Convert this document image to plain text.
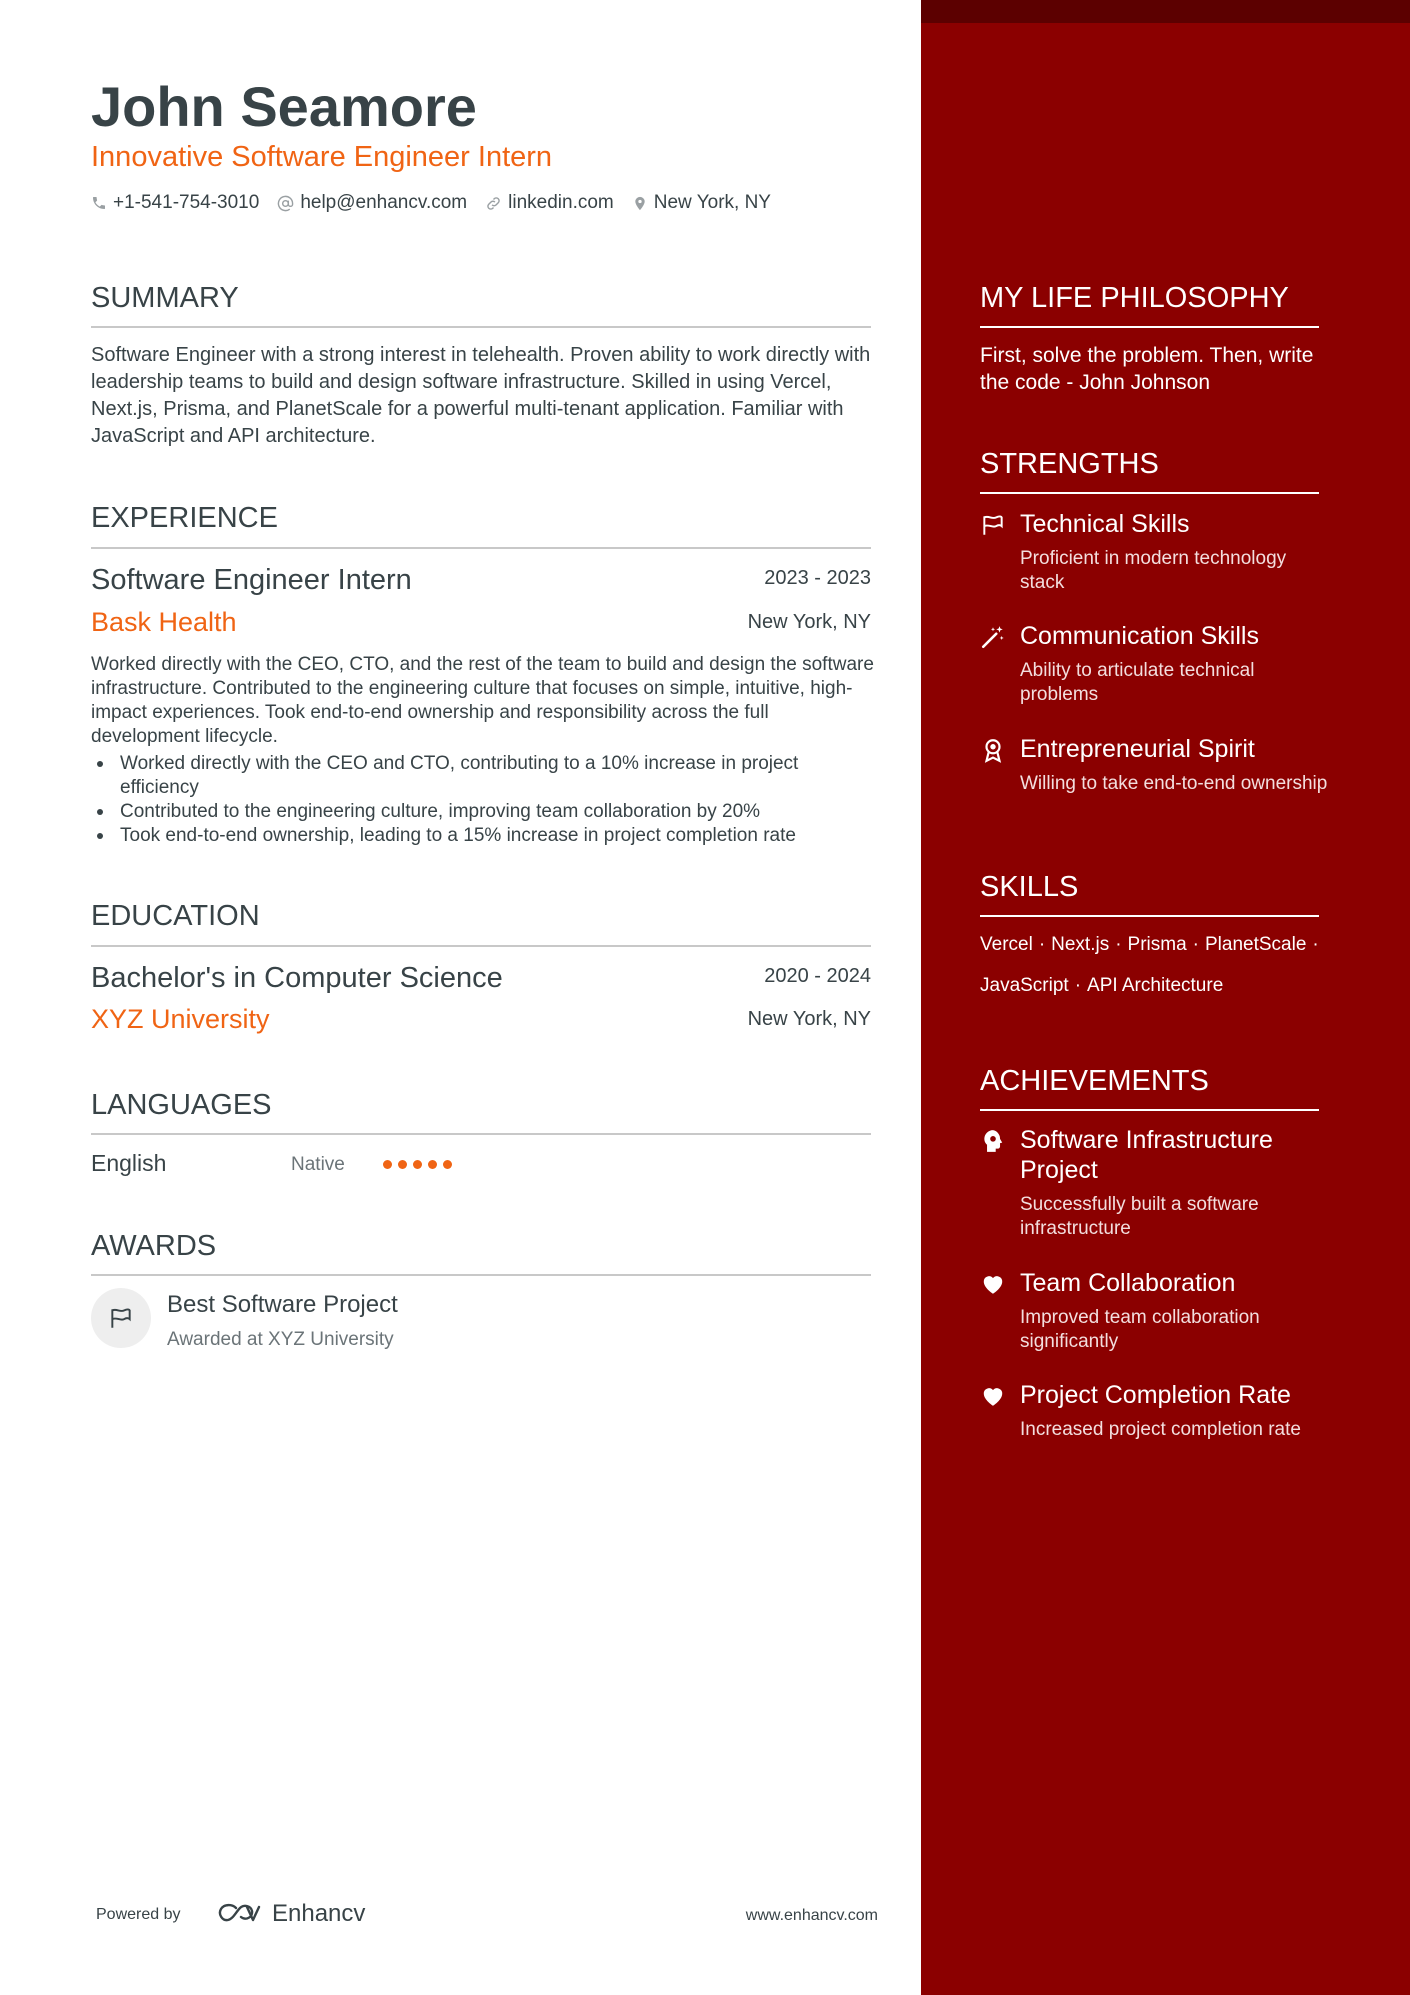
John Seamore
Innovative Software Engineer Intern
+1-541-754-3010 help@enhancv.com linkedin.com New York, NY
SUMMARY
Software Engineer with a strong interest in telehealth. Proven ability to work directly with leadership teams to build and design software infrastructure. Skilled in using Vercel, Next.js, Prisma, and PlanetScale for a powerful multi-tenant application. Familiar with JavaScript and API architecture.
EXPERIENCE
Software Engineer Intern	2023 - 2023
Bask Health	New York, NY
Worked directly with the CEO, CTO, and the rest of the team to build and design the software infrastructure. Contributed to the engineering culture that focuses on simple, intuitive, high-impact experiences. Took end-to-end ownership and responsibility across the full development lifecycle.
Worked directly with the CEO and CTO, contributing to a 10% increase in project efficiency
Contributed to the engineering culture, improving team collaboration by 20%
Took end-to-end ownership, leading to a 15% increase in project completion rate
EDUCATION
Bachelor's in Computer Science	2020 - 2024
XYZ University	New York, NY
LANGUAGES
English	Native
AWARDS
Best Software Project
Awarded at XYZ University
MY LIFE PHILOSOPHY
First, solve the problem. Then, write the code - John Johnson
STRENGTHS
Technical Skills
Proficient in modern technology stack
Communication Skills
Ability to articulate technical problems
Entrepreneurial Spirit
Willing to take end-to-end ownership
SKILLS
Vercel · Next.js · Prisma · PlanetScale ·
JavaScript · API Architecture
ACHIEVEMENTS
Software Infrastructure Project
Successfully built a software infrastructure
Team Collaboration
Improved team collaboration significantly
Project Completion Rate
Increased project completion rate
Powered by	Enhancv	www.enhancv.com
